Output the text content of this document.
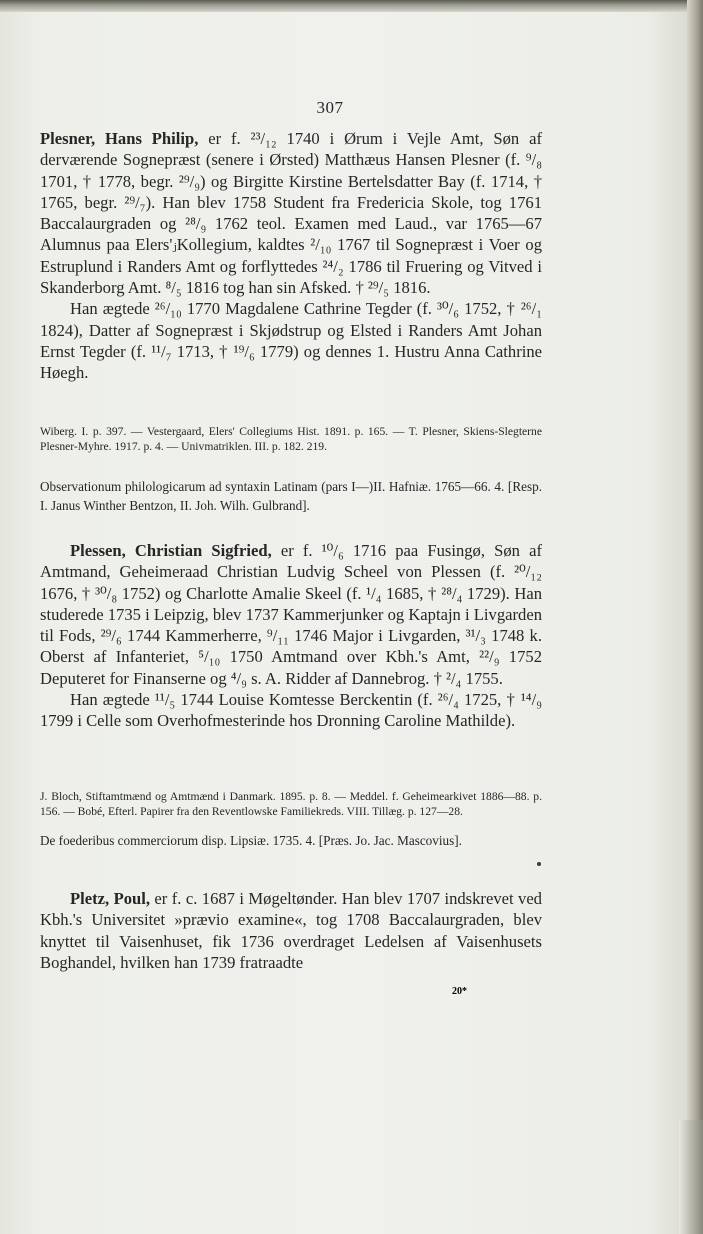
307
Plesner, Hans Philip, er f. ²³/₁₂ 1740 i Ørum i Vejle Amt, Søn af derværende Sognepræst (senere i Ørsted) Matthæus Hansen Plesner (f. ⁹/₈ 1701, † 1778, begr. ²⁹/₉) og Birgitte Kirstine Bertelsdatter Bay (f. 1714, † 1765, begr. ²⁹/₇). Han blev 1758 Student fra Fredericia Skole, tog 1761 Baccalaurgraden og ²⁸/₉ 1762 teol. Examen med Laud., var 1765—67 Alumnus paa Elers'ⱼKollegium, kaldtes ²/₁₀ 1767 til Sognepræst i Voer og Estruplund i Randers Amt og forflyttedes ²⁴/₂ 1786 til Fruering og Vitved i Skanderborg Amt. ⁸/₅ 1816 tog han sin Afsked. † ²⁹/₅ 1816.
Han ægtede ²⁶/₁₀ 1770 Magdalene Cathrine Tegder (f. ³⁰/₆ 1752, † ²⁶/₁ 1824), Datter af Sognepræst i Skjødstrup og Elsted i Randers Amt Johan Ernst Tegder (f. ¹¹/₇ 1713, † ¹⁹/₆ 1779) og dennes 1. Hustru Anna Cathrine Høegh.
Wiberg. I. p. 397. — Vestergaard, Elers' Collegiums Hist. 1891. p. 165. — T. Plesner, Skiens-Slegterne Plesner-Myhre. 1917. p. 4. — Univmatriklen. III. p. 182. 219.
Observationum philologicarum ad syntaxin Latinam (pars I—)II. Hafniæ. 1765—66. 4. [Resp. I. Janus Winther Bentzon, II. Joh. Wilh. Gulbrand].
Plessen, Christian Sigfried, er f. ¹⁰/₆ 1716 paa Fusingø, Søn af Amtmand, Geheimeraad Christian Ludvig Scheel von Plessen (f. ²⁰/₁₂ 1676, † ³⁰/₈ 1752) og Charlotte Amalie Skeel (f. ¹/₄ 1685, † ²⁸/₄ 1729). Han studerede 1735 i Leipzig, blev 1737 Kammerjunker og Kaptajn i Livgarden til Fods, ²⁹/₆ 1744 Kammerherre, ⁹/₁₁ 1746 Major i Livgarden, ³¹/₃ 1748 k. Oberst af Infanteriet, ⁵/₁₀ 1750 Amtmand over Kbh.'s Amt, ²²/₉ 1752 Deputeret for Finanserne og ⁴/₉ s. A. Ridder af Dannebrog. † ²/₄ 1755.
Han ægtede ¹¹/₅ 1744 Louise Komtesse Berckentin (f. ²⁶/₄ 1725, † ¹⁴/₉ 1799 i Celle som Overhofmesterinde hos Dronning Caroline Mathilde).
J. Bloch, Stiftamtmænd og Amtmænd i Danmark. 1895. p. 8. — Meddel. f. Geheimearkivet 1886—88. p. 156. — Bobé, Efterl. Papirer fra den Reventlowske Familiekreds. VIII. Tillæg. p. 127—28.
De foederibus commerciorum disp. Lipsiæ. 1735. 4. [Præs. Jo. Jac. Mascovius].
Pletz, Poul, er f. c. 1687 i Møgeltønder. Han blev 1707 indskrevet ved Kbh.'s Universitet »prævio examine«, tog 1708 Baccalaurgraden, blev knyttet til Vaisenhuset, fik 1736 overdraget Ledelsen af Vaisenhusets Boghandel, hvilken han 1739 fratraadte
20*
